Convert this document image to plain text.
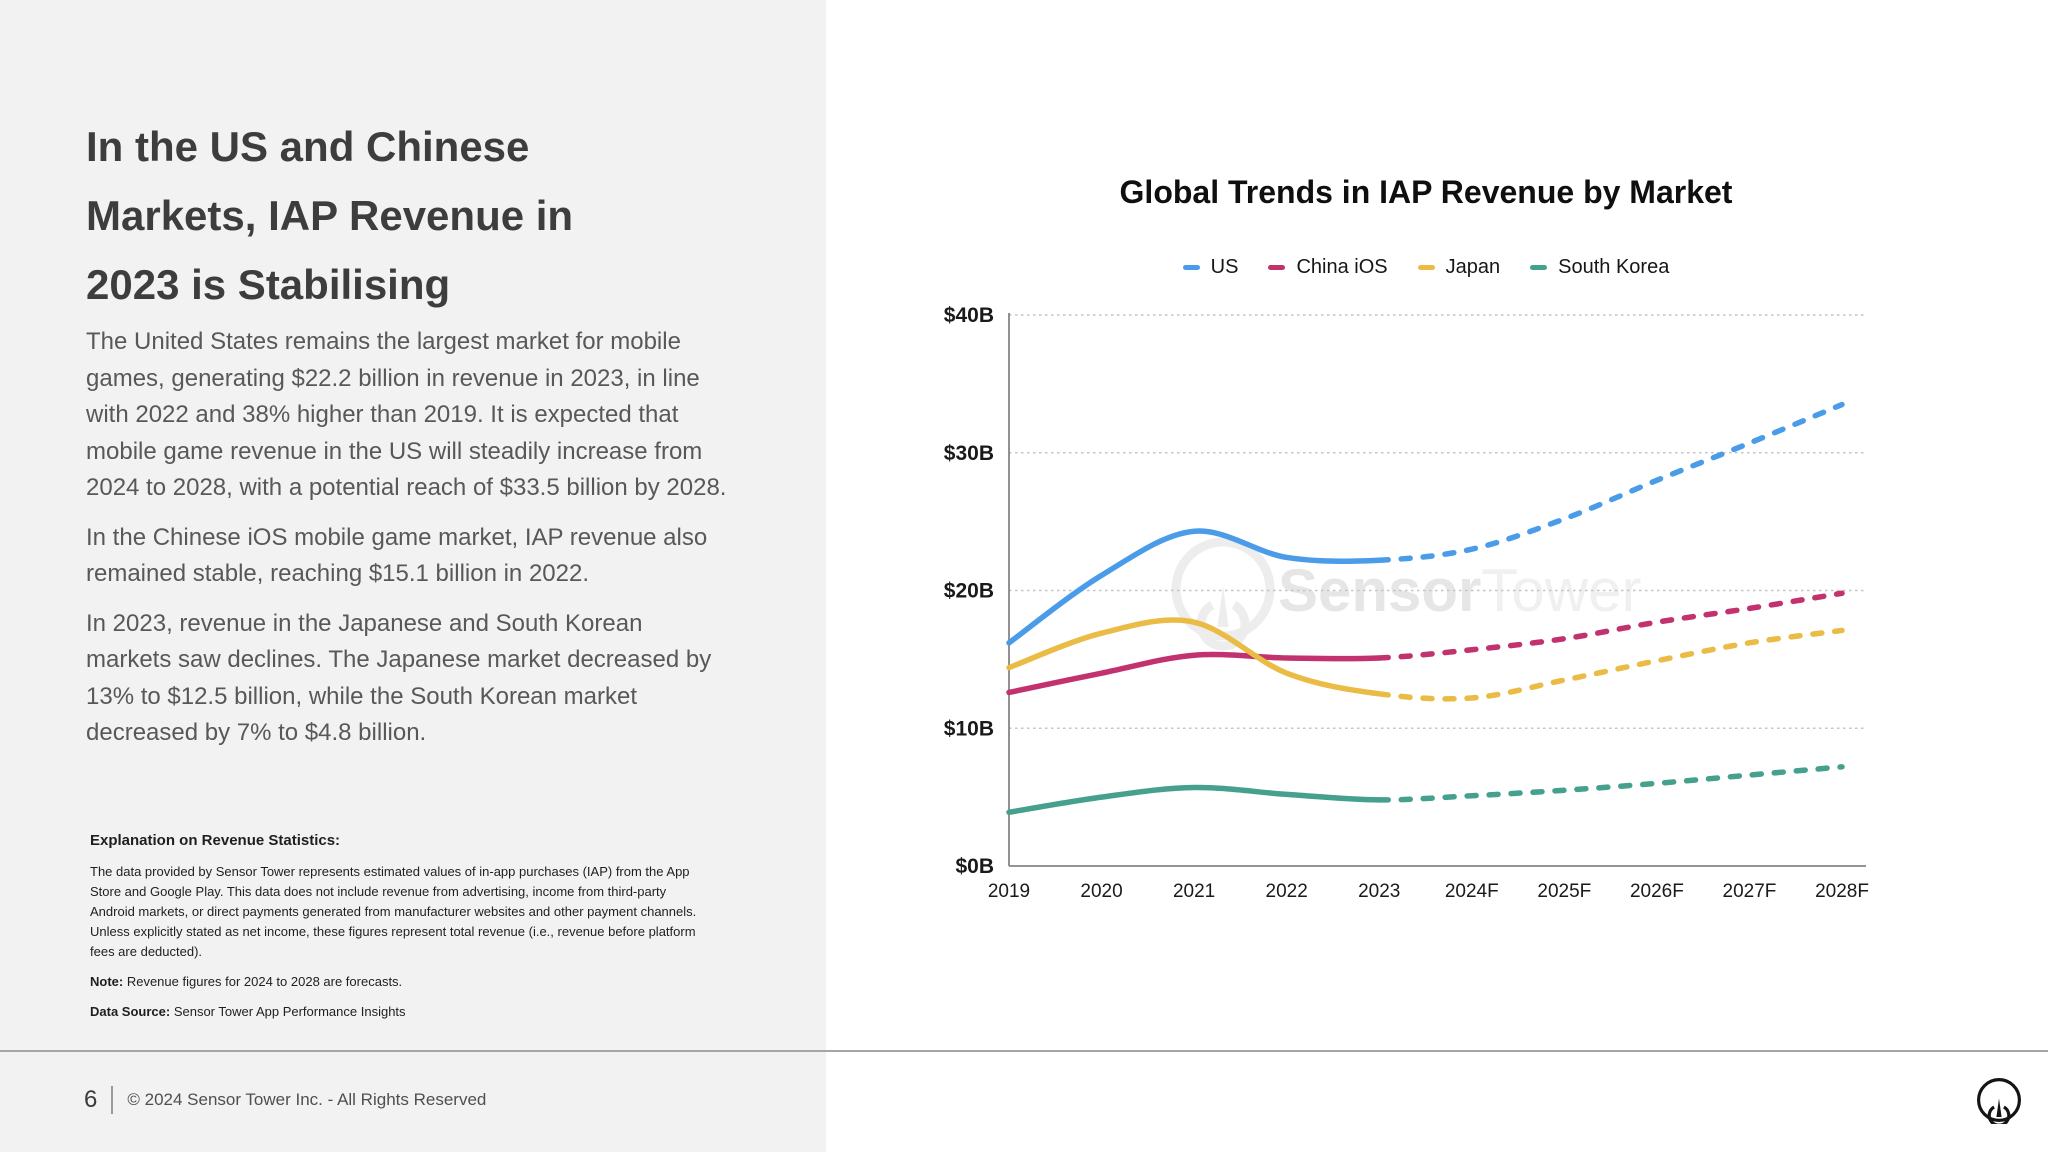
In the US and Chinese
Markets, IAP Revenue in
2023 is Stabilising

The United States remains the largest market for mobile games, generating $22.2 billion in revenue in 2023, in line with 2022 and 38% higher than 2019. It is expected that mobile game revenue in the US will steadily increase from 2024 to 2028, with a potential reach of $33.5 billion by 2028.

In the Chinese iOS mobile game market, IAP revenue also remained stable, reaching $15.1 billion in 2022.

In 2023, revenue in the Japanese and South Korean markets saw declines. The Japanese market decreased by 13% to $12.5 billion, while the South Korean market decreased by 7% to $4.8 billion.

Explanation on Revenue Statistics:

The data provided by Sensor Tower represents estimated values of in-app purchases (IAP) from the App Store and Google Play. This data does not include revenue from advertising, income from third-party Android markets, or direct payments generated from manufacturer websites and other payment channels. Unless explicitly stated as net income, these figures represent total revenue (i.e., revenue before platform fees are deducted).

Note: Revenue figures for 2024 to 2028 are forecasts.

Data Source: Sensor Tower App Performance Insights

Global Trends in IAP Revenue by Market
US	China iOS	Japan	South Korea
SensorTower
$0B
$10B
$20B
$30B
$40B
2019	2020	2021	2022	2023 2024F 2025F 2026F 2027F 2028F
6 © 2024 Sensor Tower Inc. - All Rights Reserved
